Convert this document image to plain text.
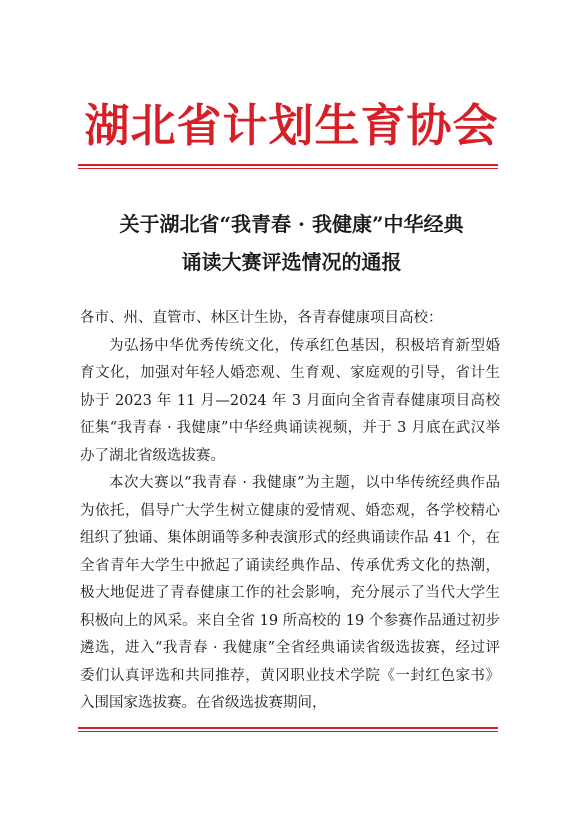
湖北省计划生育协会
关于湖北省“我青春 · 我健康”中华经典
诵读大赛评选情况的通报

各市、州、直管市、林区计生协，各青春健康项目高校：

为弘扬中华优秀传统文化，传承红色基因，积极培育新型婚育文化，加强对年轻人婚恋观、生育观、家庭观的引导，省计生协于 2023 年 11 月—2024 年 3 月面向全省青春健康项目高校征集“我青春 · 我健康”中华经典诵读视频，并于 3 月底在武汉举办了湖北省级选拔赛。

本次大赛以“我青春 · 我健康”为主题，以中华传统经典作品为依托，倡导广大学生树立健康的爱情观、婚恋观，各学校精心组织了独诵、集体朗诵等多种表演形式的经典诵读作品 41 个，在全省青年大学生中掀起了诵读经典作品、传承优秀文化的热潮，极大地促进了青春健康工作的社会影响，充分展示了当代大学生积极向上的风采。来自全省 19 所高校的 19 个参赛作品通过初步遴选，进入“我青春 · 我健康”全省经典诵读省级选拔赛，经过评委们认真评选和共同推荐，黄冈职业技术学院《一封红色家书》入围国家选拔赛。在省级选拔赛期间，
